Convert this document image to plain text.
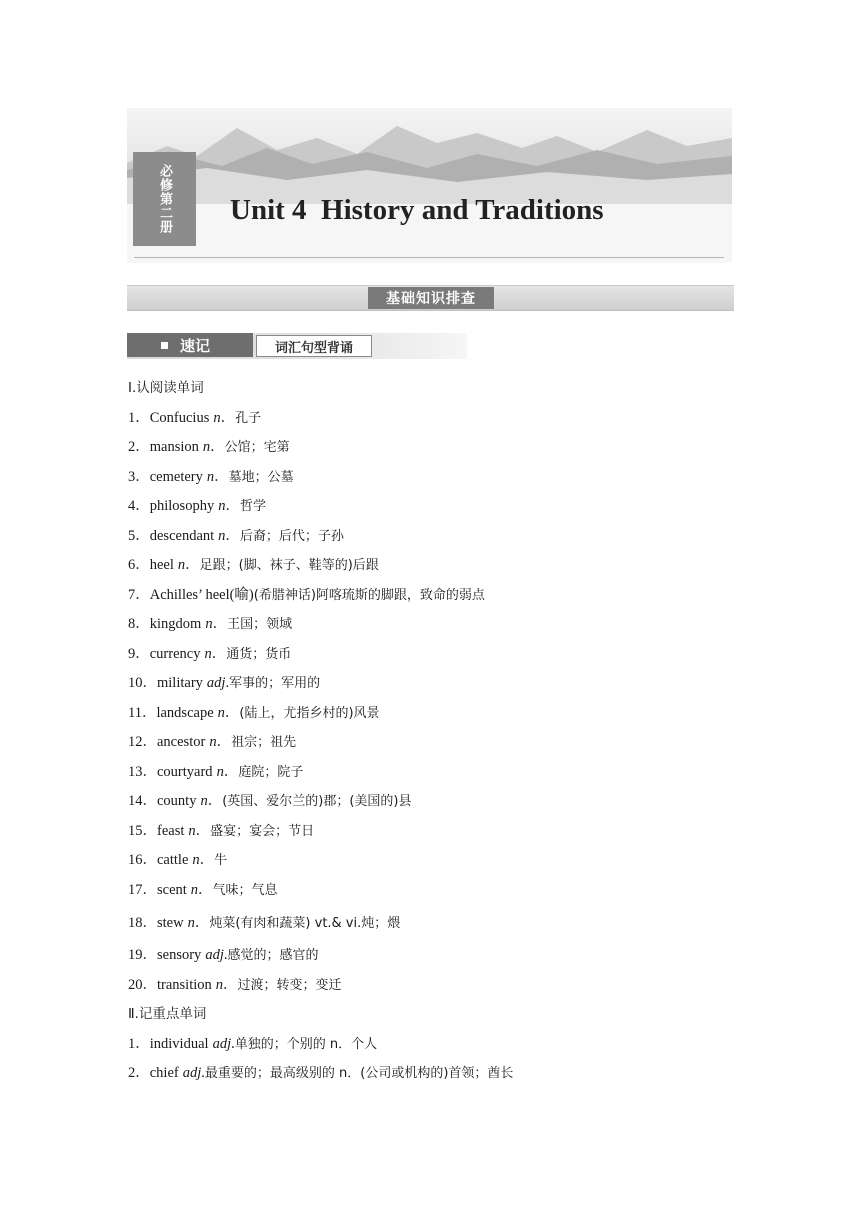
必修第二册 Unit 4  History and Traditions
基础知识排查
速记	词汇句型背诵
Ⅰ.认阅读单词
1．Confucius n．孔子
2．mansion n．公馆；宅第
3．cemetery n．墓地；公墓
4．philosophy n．哲学
5．descendant n．后裔；后代；子孙
6．heel n．足跟；(脚、袜子、鞋等的)后跟
7．Achilles’ heel(喻)(希腊神话)阿喀琉斯的脚跟，致命的弱点
8．kingdom n．王国；领域
9．currency n．通货；货币
10．military adj.军事的；军用的
11．landscape n．(陆上，尤指乡村的)风景
12．ancestor n．祖宗；祖先
13．courtyard n．庭院；院子
14．county n．(英国、爱尔兰的)郡；(美国的)县
15．feast n．盛宴；宴会；节日
16．cattle n．牛
17．scent n．气味；气息
18．stew n．炖菜(有肉和蔬菜) vt.& vi.炖；煨
19．sensory adj.感觉的；感官的
20．transition n．过渡；转变；变迁
Ⅱ.记重点单词
1．individual adj.单独的；个别的 n．个人
2．chief adj.最重要的；最高级别的 n．(公司或机构的)首领；酋长
